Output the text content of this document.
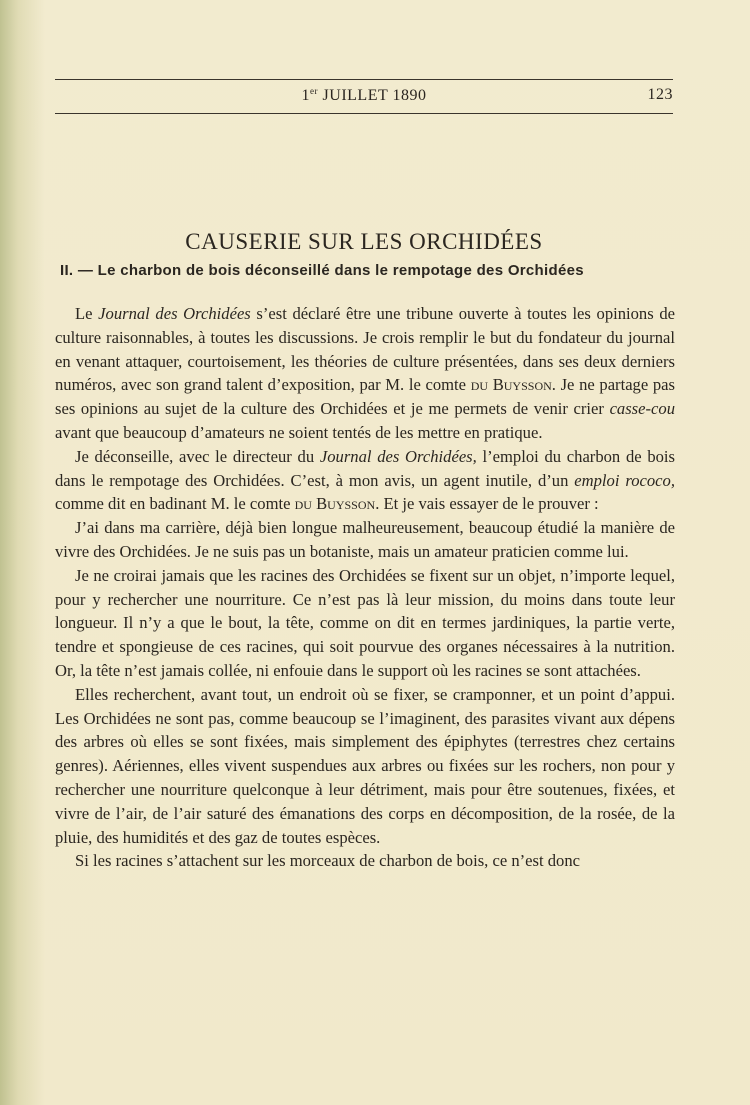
1er JUILLET 1890	123
CAUSERIE SUR LES ORCHIDÉES
II. — Le charbon de bois déconseillé dans le rempotage des Orchidées

Le Journal des Orchidées s’est déclaré être une tribune ouverte à toutes les opinions de culture raisonnables, à toutes les discussions. Je crois remplir le but du fondateur du journal en venant attaquer, courtoisement, les théories de culture présentées, dans ses deux derniers numéros, avec son grand talent d’exposition, par M. le comte du Buysson. Je ne partage pas ses opinions au sujet de la culture des Orchidées et je me permets de venir crier casse-cou avant que beaucoup d’amateurs ne soient tentés de les mettre en pratique.

Je déconseille, avec le directeur du Journal des Orchidées, l’emploi du charbon de bois dans le rempotage des Orchidées. C’est, à mon avis, un agent inutile, d’un emploi rococo, comme dit en badinant M. le comte du Buysson. Et je vais essayer de le prouver :

J’ai dans ma carrière, déjà bien longue malheureusement, beaucoup étudié la manière de vivre des Orchidées. Je ne suis pas un botaniste, mais un amateur praticien comme lui.

Je ne croirai jamais que les racines des Orchidées se fixent sur un objet, n’importe lequel, pour y rechercher une nourriture. Ce n’est pas là leur mission, du moins dans toute leur longueur. Il n’y a que le bout, la tête, comme on dit en termes jardiniques, la partie verte, tendre et spongieuse de ces racines, qui soit pourvue des organes nécessaires à la nutrition. Or, la tête n’est jamais collée, ni enfouie dans le support où les racines se sont attachées.

Elles recherchent, avant tout, un endroit où se fixer, se cramponner, et un point d’appui. Les Orchidées ne sont pas, comme beaucoup se l’imaginent, des parasites vivant aux dépens des arbres où elles se sont fixées, mais simplement des épiphytes (terrestres chez certains genres). Aériennes, elles vivent suspendues aux arbres ou fixées sur les rochers, non pour y rechercher une nourriture quelconque à leur détriment, mais pour être soutenues, fixées, et vivre de l’air, de l’air saturé des émanations des corps en décomposition, de la rosée, de la pluie, des humidités et des gaz de toutes espèces.

Si les racines s’attachent sur les morceaux de charbon de bois, ce n’est donc
